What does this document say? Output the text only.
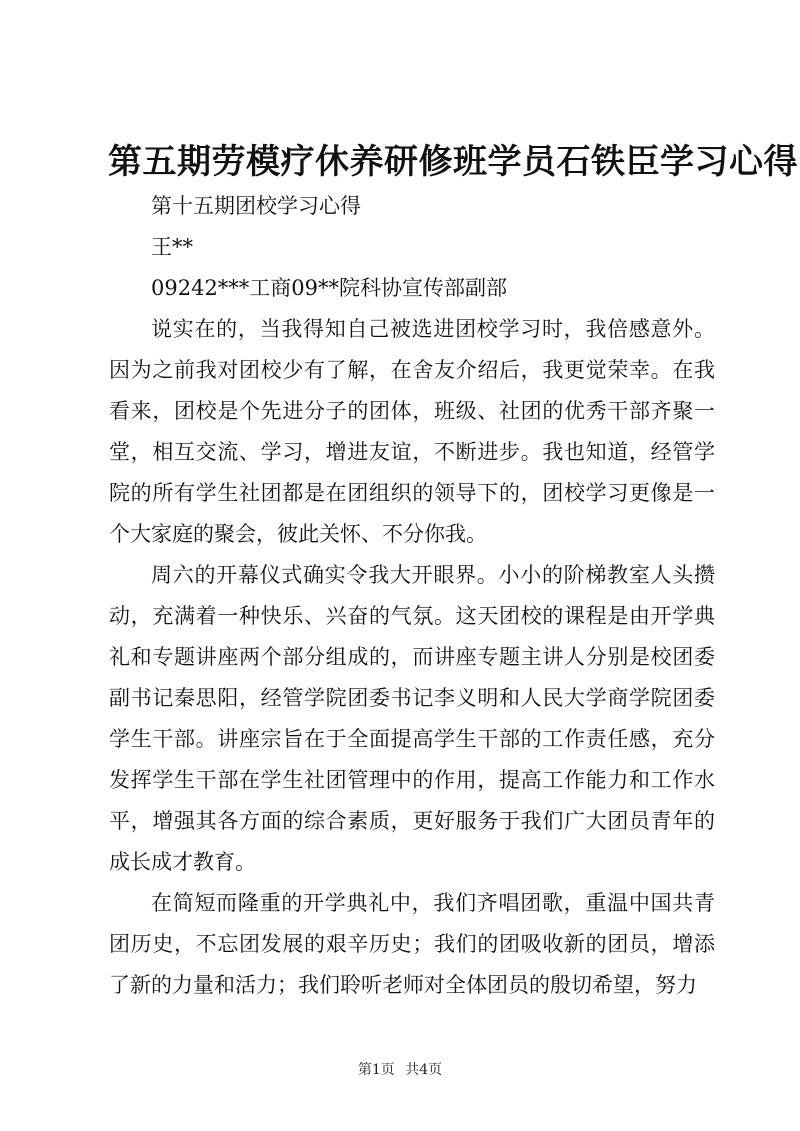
第五期劳模疗休养研修班学员石铁臣学习心得

第十五期团校学习心得

王**

09242***工商09**院科协宣传部副部

说实在的，当我得知自己被选进团校学习时，我倍感意外。因为之前我对团校少有了解，在舍友介绍后，我更觉荣幸。在我看来，团校是个先进分子的团体，班级、社团的优秀干部齐聚一堂，相互交流、学习，增进友谊，不断进步。我也知道，经管学院的所有学生社团都是在团组织的领导下的，团校学习更像是一个大家庭的聚会，彼此关怀、不分你我。

周六的开幕仪式确实令我大开眼界。小小的阶梯教室人头攒动，充满着一种快乐、兴奋的气氛。这天团校的课程是由开学典礼和专题讲座两个部分组成的，而讲座专题主讲人分别是校团委副书记秦思阳，经管学院团委书记李义明和人民大学商学院团委学生干部。讲座宗旨在于全面提高学生干部的工作责任感，充分发挥学生干部在学生社团管理中的作用，提高工作能力和工作水平，增强其各方面的综合素质，更好服务于我们广大团员青年的成长成才教育。

在简短而隆重的开学典礼中，我们齐唱团歌，重温中国共青团历史，不忘团发展的艰辛历史；我们的团吸收新的团员，增添了新的力量和活力；我们聆听老师对全体团员的殷切希望，努力

第1页 共4页
